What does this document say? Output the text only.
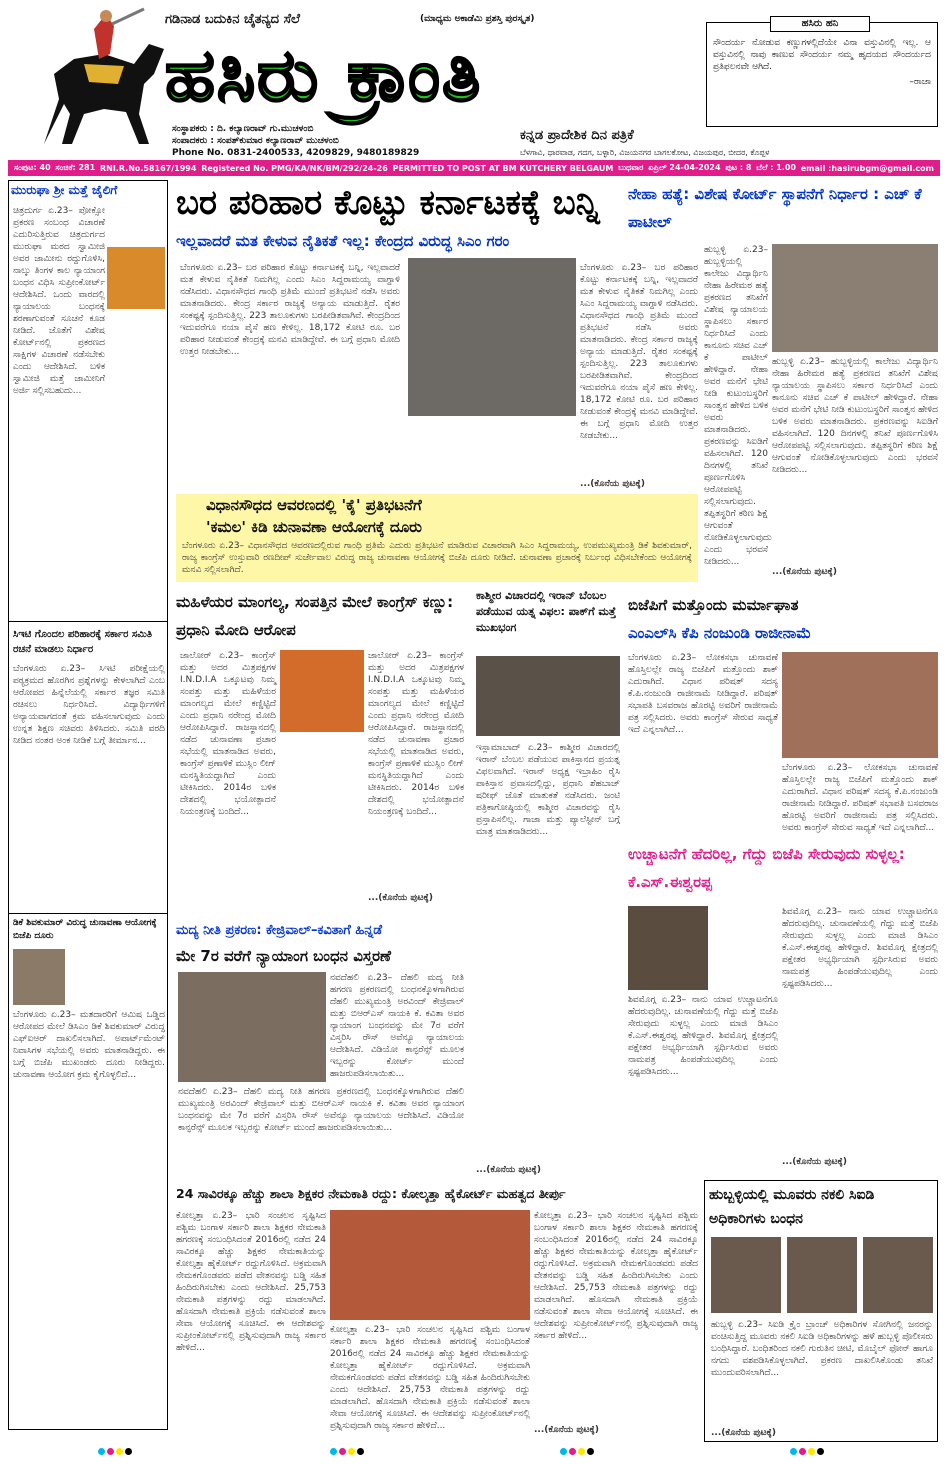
ಗಡಿನಾಡ ಬದುಕಿನ ಚೈತನ್ಯದ ಸೆಲೆ	(ಮಾಧ್ಯಮ ಅಕಾಡೆಮಿ ಪ್ರಶಸ್ತಿ ಪುರಸ್ಕೃತ)
ಹಸಿರು ಕ್ರಾಂತಿ
ಸಂಸ್ಥಾಪಕರು : ದಿ. ಕಲ್ಯಾಣರಾವ್ ಗು.ಮುಚಳಂಬಿ
ಸಂಪಾದಕರು : ಸಂಪತ್‌ಕುಮಾರ ಕಲ್ಯಾಣರಾವ್ ಮುಚಳಂಬಿ
Phone No. 0831-2400533, 4209829, 9480189829
ಕನ್ನಡ ಪ್ರಾದೇಶಿಕ ದಿನ ಪತ್ರಿಕೆ
ಬೆಳಗಾವಿ, ಧಾರವಾಡ, ಗದಗ, ಬಳ್ಳಾರಿ, ವಿಜಯನಗರ ಬಾಗಲಕೋಟ, ವಿಜಯಪುರ, ಬೀದರ, ಕೊಪ್ಪಳ
ಸೌಂದರ್ಯ ನೋಡುವ ಕಣ್ಣುಗಳಲ್ಲಿದೆಯೇ ವಿನಾ ವಸ್ತುವಿನಲ್ಲಿ ಇಲ್ಲ. ಆ ವಸ್ತುವಿನಲ್ಲಿ ನಾವು ಕಾಣುವ ಸೌಂದರ್ಯ ನಮ್ಮ ಹೃದಯದ ಸೌಂದರ್ಯದ ಪ್ರತಿಫಲನವೇ ಆಗಿದೆ.
–ರಾಜಾ
ಹಸಿರು ಹನಿ
ಸಂಪುಟ: 40 ಸಂಚಿಕೆ: 281 RNI.R.No.58167/1994 Registered No. PMG/KA/NK/BM/292/24-26 PERMITTED TO POST AT BM KUTCHERY BELGAUM ಬುಧವಾರ ಏಪ್ರಿಲ್ 24-04-2024 ಪುಟ : 8 ಬೆಲೆ : 1.00 email :hasirubgm@gmail.com
ಮುರುಘಾ ಶ್ರೀ ಮತ್ತೆ ಜೈಲಿಗೆ
ಚಿತ್ರದುರ್ಗ ಏ.23– ಪೋಕ್ಸೋ ಪ್ರಕರಣ ಸಂಬಂಧ ವಿಚಾರಣೆ ಎದುರಿಸುತ್ತಿರುವ ಚಿತ್ರದುರ್ಗದ ಮುರುಘಾ ಮಠದ ಸ್ವಾಮೀಜಿ ಅವರ ಜಾಮೀನು ರದ್ದುಗೊಳಿಸಿ, ನಾಲ್ಕು ತಿಂಗಳ ಕಾಲ ನ್ಯಾಯಾಂಗ ಬಂಧನ ವಿಧಿಸಿ ಸುಪ್ರೀಂಕೋರ್ಟ್ ಆದೇಶಿಸಿದೆ. ಒಂದು ವಾರದಲ್ಲಿ ನ್ಯಾಯಾಲಯ ಬಂಧನಕ್ಕೆ ಶರಣಾಗುವಂತೆ ಸೂಚನೆ ಕೂಡ ನೀಡಿದೆ. ಜೊತೆಗೆ ವಿಶೇಷ ಕೋರ್ಟ್‌ನಲ್ಲಿ ಪ್ರಕರಣದ ಸಾಕ್ಷಿಗಳ ವಿಚಾರಣೆ ನಡೆಸಬೇಕು ಎಂದು ಆದೇಶಿಸಿದೆ. ಬಳಿಕ ಸ್ವಾಮೀಜಿ ಮತ್ತೆ ಜಾಮೀನಿಗೆ ಅರ್ಜಿ ಸಲ್ಲಿಸಬಹುದು...
ಸಿಇಟಿ ಗೊಂದಲ ಪರಿಹಾರಕ್ಕೆ ಸರ್ಕಾರ ಸಮಿತಿ ರಚನೆ ಮಾಡಲು ನಿರ್ಧಾರ
ಬೆಂಗಳೂರು ಏ.23– ಸಿಇಟಿ ಪರೀಕ್ಷೆಯಲ್ಲಿ ಪಠ್ಯಕ್ರಮದ ಹೊರಗಿನ ಪ್ರಶ್ನೆಗಳನ್ನು ಕೇಳಲಾಗಿದೆ ಎಂಬ ಆರೋಪದ ಹಿನ್ನೆಲೆಯಲ್ಲಿ ಸರ್ಕಾರ ತಜ್ಞರ ಸಮಿತಿ ರಚಿಸಲು ನಿರ್ಧರಿಸಿದೆ. ವಿದ್ಯಾರ್ಥಿಗಳಿಗೆ ಅನ್ಯಾಯವಾಗದಂತೆ ಕ್ರಮ ವಹಿಸಲಾಗುವುದು ಎಂದು ಉನ್ನತ ಶಿಕ್ಷಣ ಸಚಿವರು ತಿಳಿಸಿದರು. ಸಮಿತಿ ವರದಿ ನೀಡಿದ ನಂತರ ಅಂಕ ನೀಡಿಕೆ ಬಗ್ಗೆ ತೀರ್ಮಾನ...
ಡಿಕೆ ಶಿವಕುಮಾರ್ ವಿರುದ್ಧ ಚುನಾವಣಾ ಆಯೋಗಕ್ಕೆ ಬಿಜೆಪಿ ದೂರು
ಬೆಂಗಳೂರು ಏ.23– ಮತದಾರರಿಗೆ ಆಮಿಷ ಒಡ್ಡಿದ ಆರೋಪದ ಮೇಲೆ ಡಿಸಿಎಂ ಡಿಕೆ ಶಿವಕುಮಾರ್ ವಿರುದ್ಧ ಎಫ್‌ಐಆರ್ ದಾಖಲಿಸಲಾಗಿದೆ. ಅಪಾರ್ಟ್‌ಮೆಂಟ್ ನಿವಾಸಿಗಳ ಸಭೆಯಲ್ಲಿ ಅವರು ಮಾತನಾಡಿದ್ದರು. ಈ ಬಗ್ಗೆ ಬಿಜೆಪಿ ಮುಖಂಡರು ದೂರು ನೀಡಿದ್ದರು. ಚುನಾವಣಾ ಆಯೋಗ ಕ್ರಮ ಕೈಗೊಳ್ಳಲಿದೆ...
ಬರ ಪರಿಹಾರ ಕೊಟ್ಟು ಕರ್ನಾಟಕಕ್ಕೆ ಬನ್ನಿ
ಇಲ್ಲವಾದರೆ ಮತ ಕೇಳುವ ನೈತಿಕತೆ ಇಲ್ಲ: ಕೇಂದ್ರದ ವಿರುದ್ಧ ಸಿಎಂ ಗರಂ
ಬೆಂಗಳೂರು ಏ.23– ಬರ ಪರಿಹಾರ ಕೊಟ್ಟು ಕರ್ನಾಟಕಕ್ಕೆ ಬನ್ನಿ, ಇಲ್ಲವಾದರೆ ಮತ ಕೇಳುವ ನೈತಿಕತೆ ನಿಮಗಿಲ್ಲ ಎಂದು ಸಿಎಂ ಸಿದ್ದರಾಮಯ್ಯ ವಾಗ್ದಾಳಿ ನಡೆಸಿದರು. ವಿಧಾನಸೌಧದ ಗಾಂಧಿ ಪ್ರತಿಮೆ ಮುಂದೆ ಪ್ರತಿಭಟನೆ ನಡೆಸಿ ಅವರು ಮಾತನಾಡಿದರು. ಕೇಂದ್ರ ಸರ್ಕಾರ ರಾಜ್ಯಕ್ಕೆ ಅನ್ಯಾಯ ಮಾಡುತ್ತಿದೆ. ರೈತರ ಸಂಕಷ್ಟಕ್ಕೆ ಸ್ಪಂದಿಸುತ್ತಿಲ್ಲ. 223 ತಾಲೂಕುಗಳು ಬರಪೀಡಿತವಾಗಿವೆ. ಕೇಂದ್ರದಿಂದ ಇದುವರೆಗೂ ನಯಾ ಪೈಸೆ ಹಣ ಕೇಳಿಲ್ಲ. 18,172 ಕೋಟಿ ರೂ. ಬರ ಪರಿಹಾರ ನೀಡುವಂತೆ ಕೇಂದ್ರಕ್ಕೆ ಮನವಿ ಮಾಡಿದ್ದೇವೆ. ಈ ಬಗ್ಗೆ ಪ್ರಧಾನಿ ಮೋದಿ ಉತ್ತರ ನೀಡಬೇಕು...
ಬೆಂಗಳೂರು ಏ.23– ಬರ ಪರಿಹಾರ ಕೊಟ್ಟು ಕರ್ನಾಟಕಕ್ಕೆ ಬನ್ನಿ, ಇಲ್ಲವಾದರೆ ಮತ ಕೇಳುವ ನೈತಿಕತೆ ನಿಮಗಿಲ್ಲ ಎಂದು ಸಿಎಂ ಸಿದ್ದರಾಮಯ್ಯ ವಾಗ್ದಾಳಿ ನಡೆಸಿದರು. ವಿಧಾನಸೌಧದ ಗಾಂಧಿ ಪ್ರತಿಮೆ ಮುಂದೆ ಪ್ರತಿಭಟನೆ ನಡೆಸಿ ಅವರು ಮಾತನಾಡಿದರು. ಕೇಂದ್ರ ಸರ್ಕಾರ ರಾಜ್ಯಕ್ಕೆ ಅನ್ಯಾಯ ಮಾಡುತ್ತಿದೆ. ರೈತರ ಸಂಕಷ್ಟಕ್ಕೆ ಸ್ಪಂದಿಸುತ್ತಿಲ್ಲ. 223 ತಾಲೂಕುಗಳು ಬರಪೀಡಿತವಾಗಿವೆ. ಕೇಂದ್ರದಿಂದ ಇದುವರೆಗೂ ನಯಾ ಪೈಸೆ ಹಣ ಕೇಳಿಲ್ಲ. 18,172 ಕೋಟಿ ರೂ. ಬರ ಪರಿಹಾರ ನೀಡುವಂತೆ ಕೇಂದ್ರಕ್ಕೆ ಮನವಿ ಮಾಡಿದ್ದೇವೆ. ಈ ಬಗ್ಗೆ ಪ್ರಧಾನಿ ಮೋದಿ ಉತ್ತರ ನೀಡಬೇಕು...
...(ಕೊನೆಯ ಪುಟಕ್ಕೆ)
ವಿಧಾನಸೌಧದ ಆವರಣದಲ್ಲಿ 'ಕೈ' ಪ್ರತಿಭಟನೆಗೆ
'ಕಮಲ' ಕಿಡಿ ಚುನಾವಣಾ ಆಯೋಗಕ್ಕೆ ದೂರು
ಬೆಂಗಳೂರು ಏ.23– ವಿಧಾನಸೌಧದ ಆವರಣದಲ್ಲಿರುವ ಗಾಂಧಿ ಪ್ರತಿಮೆ ಎದುರು ಪ್ರತಿಭಟನೆ ಮಾಡಿರುವ ವಿಚಾರವಾಗಿ ಸಿಎಂ ಸಿದ್ದರಾಮಯ್ಯ, ಉಪಮುಖ್ಯಮಂತ್ರಿ ಡಿಕೆ ಶಿವಕುಮಾರ್, ರಾಜ್ಯ ಕಾಂಗ್ರೆಸ್ ಉಸ್ತುವಾರಿ ರಣದೀಪ್ ಸುರ್ಜೇವಾಲ ವಿರುದ್ಧ ರಾಜ್ಯ ಚುನಾವಣಾ ಆಯೋಗಕ್ಕೆ ಬಿಜೆಪಿ ದೂರು ನೀಡಿದೆ. ಚುನಾವಣಾ ಪ್ರಚಾರಕ್ಕೆ ನಿರ್ಬಂಧ ವಿಧಿಸಬೇಕೆಂದು ಆಯೋಗಕ್ಕೆ ಮನವಿ ಸಲ್ಲಿಸಲಾಗಿದೆ.
ಮಹಿಳೆಯರ ಮಾಂಗಲ್ಯ, ಸಂಪತ್ತಿನ ಮೇಲೆ ಕಾಂಗ್ರೆಸ್ ಕಣ್ಣು: ಪ್ರಧಾನಿ ಮೋದಿ ಆರೋಪ
ಜಾಲೋರ್ ಏ.23– ಕಾಂಗ್ರೆಸ್ ಮತ್ತು ಅದರ ಮಿತ್ರಪಕ್ಷಗಳ I.N.D.I.A ಒಕ್ಕೂಟವು ನಿಮ್ಮ ಸಂಪತ್ತು ಮತ್ತು ಮಹಿಳೆಯರ ಮಾಂಗಲ್ಯದ ಮೇಲೆ ಕಣ್ಣಿಟ್ಟಿದೆ ಎಂದು ಪ್ರಧಾನಿ ನರೇಂದ್ರ ಮೋದಿ ಆರೋಪಿಸಿದ್ದಾರೆ. ರಾಜಸ್ಥಾನದಲ್ಲಿ ನಡೆದ ಚುನಾವಣಾ ಪ್ರಚಾರ ಸಭೆಯಲ್ಲಿ ಮಾತನಾಡಿದ ಅವರು, ಕಾಂಗ್ರೆಸ್ ಪ್ರಣಾಳಿಕೆ ಮುಸ್ಲಿಂ ಲೀಗ್ ಮನಸ್ಥಿತಿಯದ್ದಾಗಿದೆ ಎಂದು ಟೀಕಿಸಿದರು. 2014ರ ಬಳಿಕ ದೇಶದಲ್ಲಿ ಭಯೋತ್ಪಾದನೆ ನಿಯಂತ್ರಣಕ್ಕೆ ಬಂದಿದೆ...
ಜಾಲೋರ್ ಏ.23– ಕಾಂಗ್ರೆಸ್ ಮತ್ತು ಅದರ ಮಿತ್ರಪಕ್ಷಗಳ I.N.D.I.A ಒಕ್ಕೂಟವು ನಿಮ್ಮ ಸಂಪತ್ತು ಮತ್ತು ಮಹಿಳೆಯರ ಮಾಂಗಲ್ಯದ ಮೇಲೆ ಕಣ್ಣಿಟ್ಟಿದೆ ಎಂದು ಪ್ರಧಾನಿ ನರೇಂದ್ರ ಮೋದಿ ಆರೋಪಿಸಿದ್ದಾರೆ. ರಾಜಸ್ಥಾನದಲ್ಲಿ ನಡೆದ ಚುನಾವಣಾ ಪ್ರಚಾರ ಸಭೆಯಲ್ಲಿ ಮಾತನಾಡಿದ ಅವರು, ಕಾಂಗ್ರೆಸ್ ಪ್ರಣಾಳಿಕೆ ಮುಸ್ಲಿಂ ಲೀಗ್ ಮನಸ್ಥಿತಿಯದ್ದಾಗಿದೆ ಎಂದು ಟೀಕಿಸಿದರು. 2014ರ ಬಳಿಕ ದೇಶದಲ್ಲಿ ಭಯೋತ್ಪಾದನೆ ನಿಯಂತ್ರಣಕ್ಕೆ ಬಂದಿದೆ...
...(ಕೊನೆಯ ಪುಟಕ್ಕೆ)
ಕಾಶ್ಮೀರ ವಿಚಾರದಲ್ಲಿ ಇರಾನ್ ಬೆಂಬಲ ಪಡೆಯುವ ಯತ್ನ ವಿಫಲ: ಪಾಕ್‌ಗೆ ಮತ್ತೆ ಮುಖಭಂಗ
ಇಸ್ಲಾಮಾಬಾದ್ ಏ.23– ಕಾಶ್ಮೀರ ವಿಚಾರದಲ್ಲಿ ಇರಾನ್ ಬೆಂಬಲ ಪಡೆಯುವ ಪಾಕಿಸ್ತಾನದ ಪ್ರಯತ್ನ ವಿಫಲವಾಗಿದೆ. ಇರಾನ್ ಅಧ್ಯಕ್ಷ ಇಬ್ರಾಹಿಂ ರೈಸಿ ಪಾಕಿಸ್ತಾನ ಪ್ರವಾಸದಲ್ಲಿದ್ದು, ಪ್ರಧಾನಿ ಶೆಹಬಾಜ್ ಷರೀಫ್ ಜೊತೆ ಮಾತುಕತೆ ನಡೆಸಿದರು. ಜಂಟಿ ಪತ್ರಿಕಾಗೋಷ್ಠಿಯಲ್ಲಿ ಕಾಶ್ಮೀರ ವಿಚಾರವನ್ನು ರೈಸಿ ಪ್ರಸ್ತಾಪಿಸಲಿಲ್ಲ. ಗಾಜಾ ಮತ್ತು ಪ್ಯಾಲೆಸ್ಟೀನ್ ಬಗ್ಗೆ ಮಾತ್ರ ಮಾತನಾಡಿದರು...
...(ಕೊನೆಯ ಪುಟಕ್ಕೆ)
ಮದ್ಯ ನೀತಿ ಪ್ರಕರಣ: ಕೇಜ್ರಿವಾಲ್–ಕವಿತಾಗೆ ಹಿನ್ನಡೆ
ಮೇ 7ರ ವರೆಗೆ ನ್ಯಾಯಾಂಗ ಬಂಧನ ವಿಸ್ತರಣೆ
ನವದೆಹಲಿ ಏ.23– ದೆಹಲಿ ಮದ್ಯ ನೀತಿ ಹಗರಣ ಪ್ರಕರಣದಲ್ಲಿ ಬಂಧನಕ್ಕೊಳಗಾಗಿರುವ ದೆಹಲಿ ಮುಖ್ಯಮಂತ್ರಿ ಅರವಿಂದ್ ಕೇಜ್ರಿವಾಲ್ ಮತ್ತು ಬಿಆರ್‌ಎಸ್ ನಾಯಕಿ ಕೆ. ಕವಿತಾ ಅವರ ನ್ಯಾಯಾಂಗ ಬಂಧನವನ್ನು ಮೇ 7ರ ವರೆಗೆ ವಿಸ್ತರಿಸಿ ರೌಸ್ ಅವೆನ್ಯೂ ನ್ಯಾಯಾಲಯ ಆದೇಶಿಸಿದೆ. ವಿಡಿಯೋ ಕಾನ್ಫರೆನ್ಸ್ ಮೂಲಕ ಇಬ್ಬರನ್ನು ಕೋರ್ಟ್ ಮುಂದೆ ಹಾಜರುಪಡಿಸಲಾಯಿತು...
ನವದೆಹಲಿ ಏ.23– ದೆಹಲಿ ಮದ್ಯ ನೀತಿ ಹಗರಣ ಪ್ರಕರಣದಲ್ಲಿ ಬಂಧನಕ್ಕೊಳಗಾಗಿರುವ ದೆಹಲಿ ಮುಖ್ಯಮಂತ್ರಿ ಅರವಿಂದ್ ಕೇಜ್ರಿವಾಲ್ ಮತ್ತು ಬಿಆರ್‌ಎಸ್ ನಾಯಕಿ ಕೆ. ಕವಿತಾ ಅವರ ನ್ಯಾಯಾಂಗ ಬಂಧನವನ್ನು ಮೇ 7ರ ವರೆಗೆ ವಿಸ್ತರಿಸಿ ರೌಸ್ ಅವೆನ್ಯೂ ನ್ಯಾಯಾಲಯ ಆದೇಶಿಸಿದೆ. ವಿಡಿಯೋ ಕಾನ್ಫರೆನ್ಸ್ ಮೂಲಕ ಇಬ್ಬರನ್ನು ಕೋರ್ಟ್ ಮುಂದೆ ಹಾಜರುಪಡಿಸಲಾಯಿತು...
ನೇಹಾ ಹತ್ಯೆ: ವಿಶೇಷ ಕೋರ್ಟ್ ಸ್ಥಾಪನೆಗೆ ನಿರ್ಧಾರ : ಎಚ್ ಕೆ ಪಾಟೀಲ್
ಹುಬ್ಬಳ್ಳಿ ಏ.23– ಹುಬ್ಬಳ್ಳಿಯಲ್ಲಿ ಕಾಲೇಜು ವಿದ್ಯಾರ್ಥಿನಿ ನೇಹಾ ಹಿರೇಮಠ ಹತ್ಯೆ ಪ್ರಕರಣದ ತನಿಖೆಗೆ ವಿಶೇಷ ನ್ಯಾಯಾಲಯ ಸ್ಥಾಪಿಸಲು ಸರ್ಕಾರ ನಿರ್ಧರಿಸಿದೆ ಎಂದು ಕಾನೂನು ಸಚಿವ ಎಚ್ ಕೆ ಪಾಟೀಲ್ ಹೇಳಿದ್ದಾರೆ. ನೇಹಾ ಅವರ ಮನೆಗೆ ಭೇಟಿ ನೀಡಿ ಕುಟುಂಬಸ್ಥರಿಗೆ ಸಾಂತ್ವನ ಹೇಳಿದ ಬಳಿಕ ಅವರು ಮಾತನಾಡಿದರು. ಪ್ರಕರಣವನ್ನು ಸಿಐಡಿಗೆ ವಹಿಸಲಾಗಿದೆ. 120 ದಿನಗಳಲ್ಲಿ ತನಿಖೆ ಪೂರ್ಣಗೊಳಿಸಿ ಆರೋಪಪಟ್ಟಿ ಸಲ್ಲಿಸಲಾಗುವುದು. ತಪ್ಪಿತಸ್ಥರಿಗೆ ಕಠಿಣ ಶಿಕ್ಷೆ ಆಗುವಂತೆ ನೋಡಿಕೊಳ್ಳಲಾಗುವುದು ಎಂದು ಭರವಸೆ ನೀಡಿದರು...
ಹುಬ್ಬಳ್ಳಿ ಏ.23– ಹುಬ್ಬಳ್ಳಿಯಲ್ಲಿ ಕಾಲೇಜು ವಿದ್ಯಾರ್ಥಿನಿ ನೇಹಾ ಹಿರೇಮಠ ಹತ್ಯೆ ಪ್ರಕರಣದ ತನಿಖೆಗೆ ವಿಶೇಷ ನ್ಯಾಯಾಲಯ ಸ್ಥಾಪಿಸಲು ಸರ್ಕಾರ ನಿರ್ಧರಿಸಿದೆ ಎಂದು ಕಾನೂನು ಸಚಿವ ಎಚ್ ಕೆ ಪಾಟೀಲ್ ಹೇಳಿದ್ದಾರೆ. ನೇಹಾ ಅವರ ಮನೆಗೆ ಭೇಟಿ ನೀಡಿ ಕುಟುಂಬಸ್ಥರಿಗೆ ಸಾಂತ್ವನ ಹೇಳಿದ ಬಳಿಕ ಅವರು ಮಾತನಾಡಿದರು. ಪ್ರಕರಣವನ್ನು ಸಿಐಡಿಗೆ ವಹಿಸಲಾಗಿದೆ. 120 ದಿನಗಳಲ್ಲಿ ತನಿಖೆ ಪೂರ್ಣಗೊಳಿಸಿ ಆರೋಪಪಟ್ಟಿ ಸಲ್ಲಿಸಲಾಗುವುದು. ತಪ್ಪಿತಸ್ಥರಿಗೆ ಕಠಿಣ ಶಿಕ್ಷೆ ಆಗುವಂತೆ ನೋಡಿಕೊಳ್ಳಲಾಗುವುದು ಎಂದು ಭರವಸೆ ನೀಡಿದರು...
...(ಕೊನೆಯ ಪುಟಕ್ಕೆ)
ಬಿಜೆಪಿಗೆ ಮತ್ತೊಂದು ಮರ್ಮಾಘಾತ
ಎಂಎಲ್‌ಸಿ ಕೆಪಿ ನಂಜುಂಡಿ ರಾಜೀನಾಮೆ
ಬೆಂಗಳೂರು ಏ.23– ಲೋಕಸಭಾ ಚುನಾವಣೆ ಹೊಸ್ತಿಲಲ್ಲೇ ರಾಜ್ಯ ಬಿಜೆಪಿಗೆ ಮತ್ತೊಂದು ಶಾಕ್ ಎದುರಾಗಿದೆ. ವಿಧಾನ ಪರಿಷತ್ ಸದಸ್ಯ ಕೆ.ಪಿ.ನಂಜುಂಡಿ ರಾಜೀನಾಮೆ ನೀಡಿದ್ದಾರೆ. ಪರಿಷತ್ ಸಭಾಪತಿ ಬಸವರಾಜ ಹೊರಟ್ಟಿ ಅವರಿಗೆ ರಾಜೀನಾಮೆ ಪತ್ರ ಸಲ್ಲಿಸಿದರು. ಅವರು ಕಾಂಗ್ರೆಸ್ ಸೇರುವ ಸಾಧ್ಯತೆ ಇದೆ ಎನ್ನಲಾಗಿದೆ...
ಬೆಂಗಳೂರು ಏ.23– ಲೋಕಸಭಾ ಚುನಾವಣೆ ಹೊಸ್ತಿಲಲ್ಲೇ ರಾಜ್ಯ ಬಿಜೆಪಿಗೆ ಮತ್ತೊಂದು ಶಾಕ್ ಎದುರಾಗಿದೆ. ವಿಧಾನ ಪರಿಷತ್ ಸದಸ್ಯ ಕೆ.ಪಿ.ನಂಜುಂಡಿ ರಾಜೀನಾಮೆ ನೀಡಿದ್ದಾರೆ. ಪರಿಷತ್ ಸಭಾಪತಿ ಬಸವರಾಜ ಹೊರಟ್ಟಿ ಅವರಿಗೆ ರಾಜೀನಾಮೆ ಪತ್ರ ಸಲ್ಲಿಸಿದರು. ಅವರು ಕಾಂಗ್ರೆಸ್ ಸೇರುವ ಸಾಧ್ಯತೆ ಇದೆ ಎನ್ನಲಾಗಿದೆ...
ಉಚ್ಚಾಟನೆಗೆ ಹೆದರಿಲ್ಲ, ಗೆದ್ದು ಬಿಜೆಪಿ ಸೇರುವುದು ಸುಳ್ಳಲ್ಲ: ಕೆ.ಎಸ್.ಈಶ್ವರಪ್ಪ
ಶಿವಮೊಗ್ಗ ಏ.23– ನಾನು ಯಾವ ಉಚ್ಚಾಟನೆಗೂ ಹೆದರುವುದಿಲ್ಲ. ಚುನಾವಣೆಯಲ್ಲಿ ಗೆದ್ದು ಮತ್ತೆ ಬಿಜೆಪಿ ಸೇರುವುದು ಸುಳ್ಳಲ್ಲ ಎಂದು ಮಾಜಿ ಡಿಸಿಎಂ ಕೆ.ಎಸ್.ಈಶ್ವರಪ್ಪ ಹೇಳಿದ್ದಾರೆ. ಶಿವಮೊಗ್ಗ ಕ್ಷೇತ್ರದಲ್ಲಿ ಪಕ್ಷೇತರ ಅಭ್ಯರ್ಥಿಯಾಗಿ ಸ್ಪರ್ಧಿಸಿರುವ ಅವರು ನಾಮಪತ್ರ ಹಿಂಪಡೆಯುವುದಿಲ್ಲ ಎಂದು ಸ್ಪಷ್ಟಪಡಿಸಿದರು...
ಶಿವಮೊಗ್ಗ ಏ.23– ನಾನು ಯಾವ ಉಚ್ಚಾಟನೆಗೂ ಹೆದರುವುದಿಲ್ಲ. ಚುನಾವಣೆಯಲ್ಲಿ ಗೆದ್ದು ಮತ್ತೆ ಬಿಜೆಪಿ ಸೇರುವುದು ಸುಳ್ಳಲ್ಲ ಎಂದು ಮಾಜಿ ಡಿಸಿಎಂ ಕೆ.ಎಸ್.ಈಶ್ವರಪ್ಪ ಹೇಳಿದ್ದಾರೆ. ಶಿವಮೊಗ್ಗ ಕ್ಷೇತ್ರದಲ್ಲಿ ಪಕ್ಷೇತರ ಅಭ್ಯರ್ಥಿಯಾಗಿ ಸ್ಪರ್ಧಿಸಿರುವ ಅವರು ನಾಮಪತ್ರ ಹಿಂಪಡೆಯುವುದಿಲ್ಲ ಎಂದು ಸ್ಪಷ್ಟಪಡಿಸಿದರು...
...(ಕೊನೆಯ ಪುಟಕ್ಕೆ)
24 ಸಾವಿರಕ್ಕೂ ಹೆಚ್ಚು ಶಾಲಾ ಶಿಕ್ಷಕರ ನೇಮಕಾತಿ ರದ್ದು: ಕೋಲ್ಕತ್ತಾ ಹೈಕೋರ್ಟ್ ಮಹತ್ವದ ತೀರ್ಪು
ಕೋಲ್ಕತ್ತಾ ಏ.23– ಭಾರಿ ಸಂಚಲನ ಸೃಷ್ಟಿಸಿದ ಪಶ್ಚಿಮ ಬಂಗಾಳ ಸರ್ಕಾರಿ ಶಾಲಾ ಶಿಕ್ಷಕರ ನೇಮಕಾತಿ ಹಗರಣಕ್ಕೆ ಸಂಬಂಧಿಸಿದಂತೆ 2016ರಲ್ಲಿ ನಡೆದ 24 ಸಾವಿರಕ್ಕೂ ಹೆಚ್ಚು ಶಿಕ್ಷಕರ ನೇಮಕಾತಿಯನ್ನು ಕೋಲ್ಕತ್ತಾ ಹೈಕೋರ್ಟ್ ರದ್ದುಗೊಳಿಸಿದೆ. ಅಕ್ರಮವಾಗಿ ನೇಮಕಗೊಂಡವರು ಪಡೆದ ವೇತನವನ್ನು ಬಡ್ಡಿ ಸಹಿತ ಹಿಂದಿರುಗಿಸಬೇಕು ಎಂದು ಆದೇಶಿಸಿದೆ. 25,753 ನೇಮಕಾತಿ ಪತ್ರಗಳನ್ನು ರದ್ದು ಮಾಡಲಾಗಿದೆ. ಹೊಸದಾಗಿ ನೇಮಕಾತಿ ಪ್ರಕ್ರಿಯೆ ನಡೆಸುವಂತೆ ಶಾಲಾ ಸೇವಾ ಆಯೋಗಕ್ಕೆ ಸೂಚಿಸಿದೆ. ಈ ಆದೇಶವನ್ನು ಸುಪ್ರೀಂಕೋರ್ಟ್‌ನಲ್ಲಿ ಪ್ರಶ್ನಿಸುವುದಾಗಿ ರಾಜ್ಯ ಸರ್ಕಾರ ಹೇಳಿದೆ...
ಕೋಲ್ಕತ್ತಾ ಏ.23– ಭಾರಿ ಸಂಚಲನ ಸೃಷ್ಟಿಸಿದ ಪಶ್ಚಿಮ ಬಂಗಾಳ ಸರ್ಕಾರಿ ಶಾಲಾ ಶಿಕ್ಷಕರ ನೇಮಕಾತಿ ಹಗರಣಕ್ಕೆ ಸಂಬಂಧಿಸಿದಂತೆ 2016ರಲ್ಲಿ ನಡೆದ 24 ಸಾವಿರಕ್ಕೂ ಹೆಚ್ಚು ಶಿಕ್ಷಕರ ನೇಮಕಾತಿಯನ್ನು ಕೋಲ್ಕತ್ತಾ ಹೈಕೋರ್ಟ್ ರದ್ದುಗೊಳಿಸಿದೆ. ಅಕ್ರಮವಾಗಿ ನೇಮಕಗೊಂಡವರು ಪಡೆದ ವೇತನವನ್ನು ಬಡ್ಡಿ ಸಹಿತ ಹಿಂದಿರುಗಿಸಬೇಕು ಎಂದು ಆದೇಶಿಸಿದೆ. 25,753 ನೇಮಕಾತಿ ಪತ್ರಗಳನ್ನು ರದ್ದು ಮಾಡಲಾಗಿದೆ. ಹೊಸದಾಗಿ ನೇಮಕಾತಿ ಪ್ರಕ್ರಿಯೆ ನಡೆಸುವಂತೆ ಶಾಲಾ ಸೇವಾ ಆಯೋಗಕ್ಕೆ ಸೂಚಿಸಿದೆ. ಈ ಆದೇಶವನ್ನು ಸುಪ್ರೀಂಕೋರ್ಟ್‌ನಲ್ಲಿ ಪ್ರಶ್ನಿಸುವುದಾಗಿ ರಾಜ್ಯ ಸರ್ಕಾರ ಹೇಳಿದೆ...
ಕೋಲ್ಕತ್ತಾ ಏ.23– ಭಾರಿ ಸಂಚಲನ ಸೃಷ್ಟಿಸಿದ ಪಶ್ಚಿಮ ಬಂಗಾಳ ಸರ್ಕಾರಿ ಶಾಲಾ ಶಿಕ್ಷಕರ ನೇಮಕಾತಿ ಹಗರಣಕ್ಕೆ ಸಂಬಂಧಿಸಿದಂತೆ 2016ರಲ್ಲಿ ನಡೆದ 24 ಸಾವಿರಕ್ಕೂ ಹೆಚ್ಚು ಶಿಕ್ಷಕರ ನೇಮಕಾತಿಯನ್ನು ಕೋಲ್ಕತ್ತಾ ಹೈಕೋರ್ಟ್ ರದ್ದುಗೊಳಿಸಿದೆ. ಅಕ್ರಮವಾಗಿ ನೇಮಕಗೊಂಡವರು ಪಡೆದ ವೇತನವನ್ನು ಬಡ್ಡಿ ಸಹಿತ ಹಿಂದಿರುಗಿಸಬೇಕು ಎಂದು ಆದೇಶಿಸಿದೆ. 25,753 ನೇಮಕಾತಿ ಪತ್ರಗಳನ್ನು ರದ್ದು ಮಾಡಲಾಗಿದೆ. ಹೊಸದಾಗಿ ನೇಮಕಾತಿ ಪ್ರಕ್ರಿಯೆ ನಡೆಸುವಂತೆ ಶಾಲಾ ಸೇವಾ ಆಯೋಗಕ್ಕೆ ಸೂಚಿಸಿದೆ. ಈ ಆದೇಶವನ್ನು ಸುಪ್ರೀಂಕೋರ್ಟ್‌ನಲ್ಲಿ ಪ್ರಶ್ನಿಸುವುದಾಗಿ ರಾಜ್ಯ ಸರ್ಕಾರ ಹೇಳಿದೆ...	...(ಕೊನೆಯ ಪುಟಕ್ಕೆ)
ಹುಬ್ಬಳ್ಳಿಯಲ್ಲಿ ಮೂವರು ನಕಲಿ ಸಿಐಡಿ ಅಧಿಕಾರಿಗಳು ಬಂಧನ
ಹುಬ್ಬಳ್ಳಿ ಏ.23– ಸಿಐಡಿ ಕ್ರೈಂ ಬ್ರಾಂಚ್ ಅಧಿಕಾರಿಗಳ ಸೋಗಿನಲ್ಲಿ ಜನರನ್ನು ವಂಚಿಸುತ್ತಿದ್ದ ಮೂವರು ನಕಲಿ ಸಿಐಡಿ ಅಧಿಕಾರಿಗಳನ್ನು ಹಳೆ ಹುಬ್ಬಳ್ಳಿ ಪೊಲೀಸರು ಬಂಧಿಸಿದ್ದಾರೆ. ಬಂಧಿತರಿಂದ ನಕಲಿ ಗುರುತಿನ ಚೀಟಿ, ಮೊಬೈಲ್ ಫೋನ್ ಹಾಗೂ ನಗದು ವಶಪಡಿಸಿಕೊಳ್ಳಲಾಗಿದೆ. ಪ್ರಕರಣ ದಾಖಲಿಸಿಕೊಂಡು ತನಿಖೆ ಮುಂದುವರಿಸಲಾಗಿದೆ...
...(ಕೊನೆಯ ಪುಟಕ್ಕೆ)
